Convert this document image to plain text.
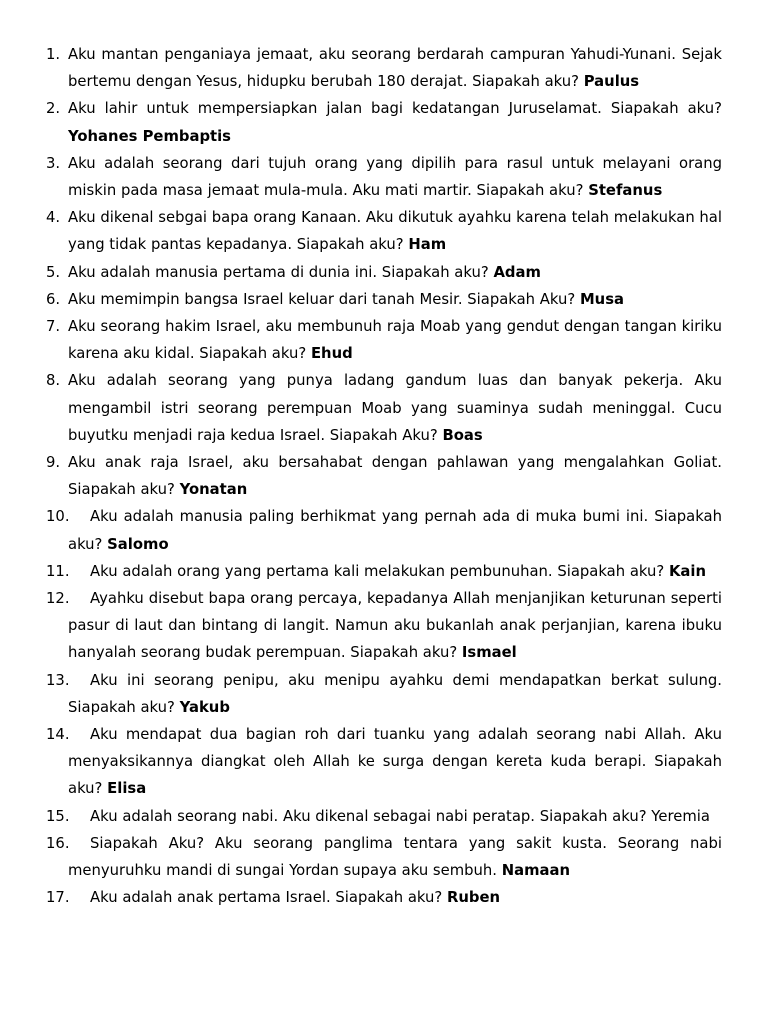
1. Aku mantan penganiaya jemaat, aku seorang berdarah campuran Yahudi-Yunani. Sejak bertemu dengan Yesus, hidupku berubah 180 derajat. Siapakah aku? Paulus
2. Aku lahir untuk mempersiapkan jalan bagi kedatangan Juruselamat. Siapakah aku? Yohanes Pembaptis
3. Aku adalah seorang dari tujuh orang yang dipilih para rasul untuk melayani orang miskin pada masa jemaat mula-mula. Aku mati martir. Siapakah aku? Stefanus
4. Aku dikenal sebgai bapa orang Kanaan. Aku dikutuk ayahku karena telah melakukan hal yang tidak pantas kepadanya. Siapakah aku? Ham
5. Aku adalah manusia pertama di dunia ini. Siapakah aku? Adam
6. Aku memimpin bangsa Israel keluar dari tanah Mesir. Siapakah Aku? Musa
7. Aku seorang hakim Israel, aku membunuh raja Moab yang gendut dengan tangan kiriku karena aku kidal. Siapakah aku? Ehud
8. Aku adalah seorang yang punya ladang gandum luas dan banyak pekerja. Aku mengambil istri seorang perempuan Moab yang suaminya sudah meninggal. Cucu buyutku menjadi raja kedua Israel. Siapakah Aku? Boas
9. Aku anak raja Israel, aku bersahabat dengan pahlawan yang mengalahkan Goliat. Siapakah aku? Yonatan
10. Aku adalah manusia paling berhikmat yang pernah ada di muka bumi ini. Siapakah aku? Salomo
11. Aku adalah orang yang pertama kali melakukan pembunuhan. Siapakah aku? Kain
12. Ayahku disebut bapa orang percaya, kepadanya Allah menjanjikan keturunan seperti pasur di laut dan bintang di langit. Namun aku bukanlah anak perjanjian, karena ibuku hanyalah seorang budak perempuan. Siapakah aku? Ismael
13. Aku ini seorang penipu, aku menipu ayahku demi mendapatkan berkat sulung. Siapakah aku? Yakub
14. Aku mendapat dua bagian roh dari tuanku yang adalah seorang nabi Allah. Aku menyaksikannya diangkat oleh Allah ke surga dengan kereta kuda berapi. Siapakah aku? Elisa
15. Aku adalah seorang nabi. Aku dikenal sebagai nabi peratap. Siapakah aku? Yeremia
16. Siapakah Aku? Aku seorang panglima tentara yang sakit kusta. Seorang nabi menyuruhku mandi di sungai Yordan supaya aku sembuh. Namaan
17. Aku adalah anak pertama Israel. Siapakah aku? Ruben
